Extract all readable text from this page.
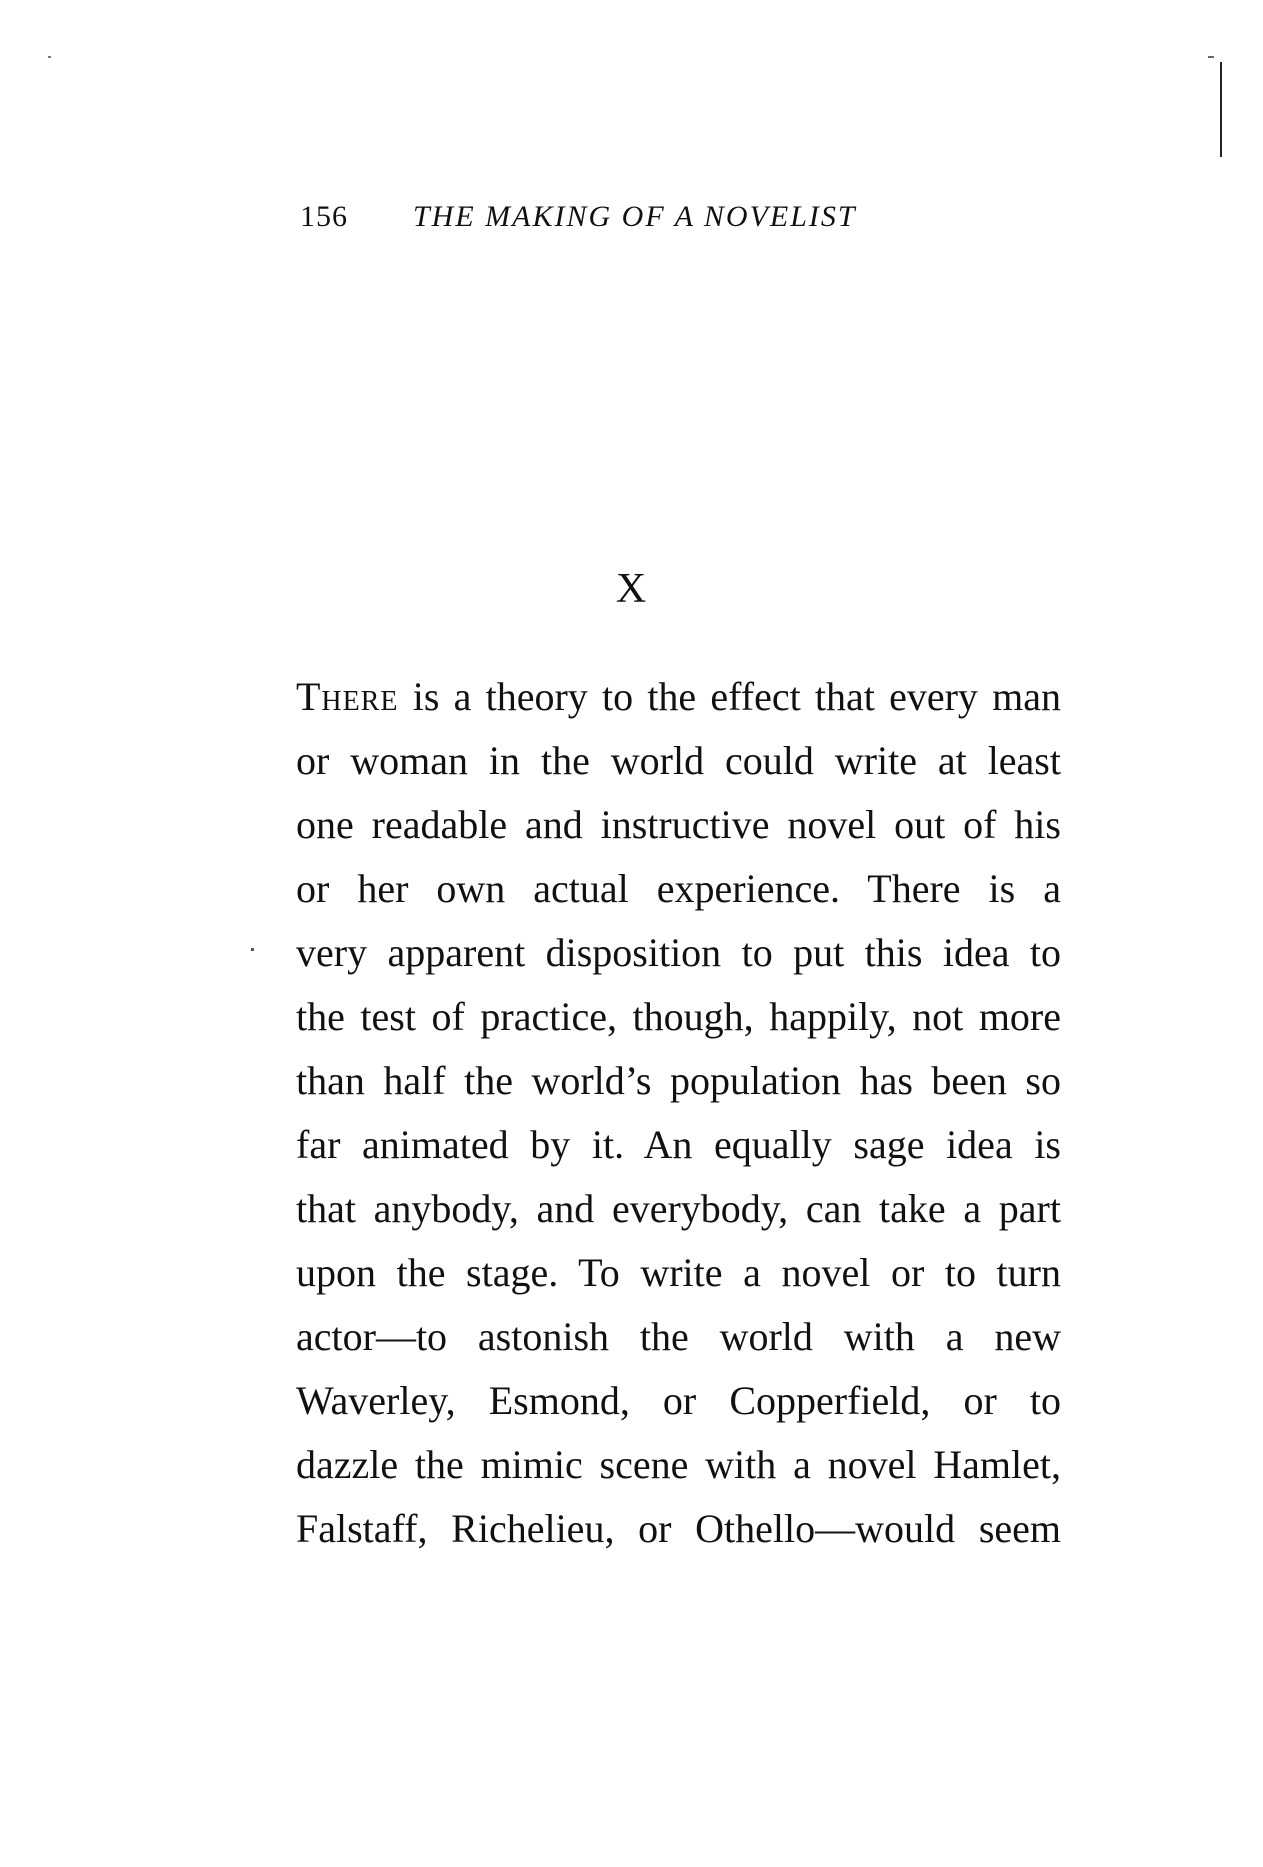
156 THE MAKING OF A NOVELIST
X
There is a theory to the effect that every man
or woman in the world could write at least
one readable and instructive novel out of his
or her own actual experience. There is a
very apparent disposition to put this idea to
the test of practice, though, happily, not more
than half the world’s population has been so
far animated by it. An equally sage idea is
that anybody, and everybody, can take a part
upon the stage. To write a novel or to turn
actor—to astonish the world with a new
Waverley, Esmond, or Copperfield, or to
dazzle the mimic scene with a novel Hamlet,
Falstaff, Richelieu, or Othello—would seem
